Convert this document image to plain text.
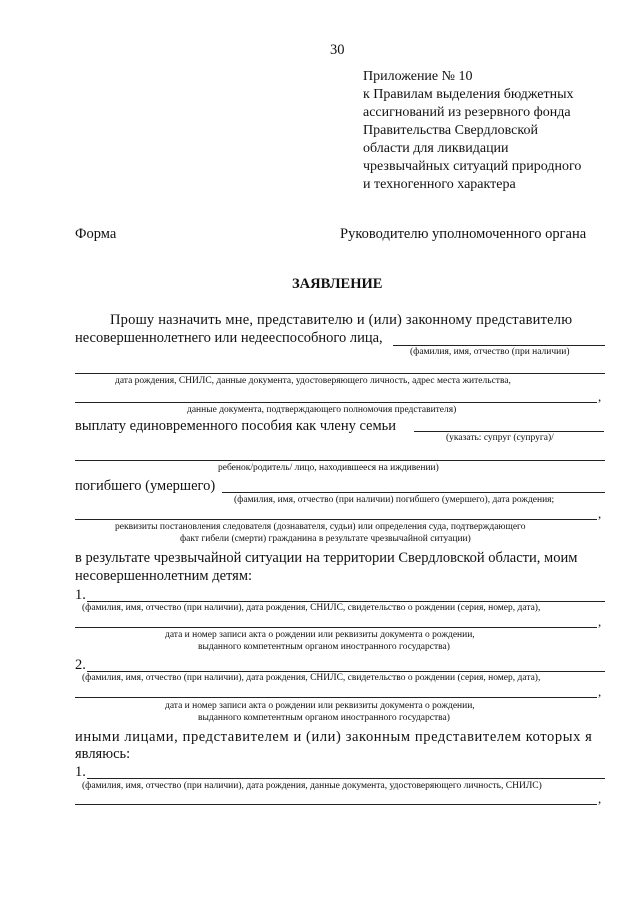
30
Приложение № 10
к Правилам выделения бюджетных
ассигнований из резервного фонда
Правительства Свердловской
области для ликвидации
чрезвычайных ситуаций природного
и техногенного характера
Форма	Руководителю уполномоченного органа
ЗАЯВЛЕНИЕ
Прошу назначить мне, представителю и (или) законному представителю
несовершеннолетнего или недееспособного лица,
(фамилия, имя, отчество (при наличии)
дата рождения, СНИЛС, данные документа, удостоверяющего личность, адрес места жительства,
,
данные документа, подтверждающего полномочия представителя)
выплату единовременного пособия как члену семьи
(указать: супруг (супруга)/
ребенок/родитель/ лицо, находившееся на иждивении)
погибшего (умершего)
(фамилия, имя, отчество (при наличии) погибшего (умершего), дата рождения;
,
реквизиты постановления следователя (дознавателя, судьи) или определения суда, подтверждающего
факт гибели (смерти) гражданина в результате чрезвычайной ситуации)
в результате чрезвычайной ситуации на территории Свердловской области, моим
несовершеннолетним детям:
1.
(фамилия, имя, отчество (при наличии), дата рождения, СНИЛС, свидетельство о рождении (серия, номер, дата),
,
дата и номер записи акта о рождении или реквизиты документа о рождении,
выданного компетентным органом иностранного государства)
2.
(фамилия, имя, отчество (при наличии), дата рождения, СНИЛС, свидетельство о рождении (серия, номер, дата),
,
дата и номер записи акта о рождении или реквизиты документа о рождении,
выданного компетентным органом иностранного государства)
иными лицами, представителем и (или) законным представителем которых я
являюсь:
1.
(фамилия, имя, отчество (при наличии), дата рождения, данные документа, удостоверяющего личность, СНИЛС)
,
